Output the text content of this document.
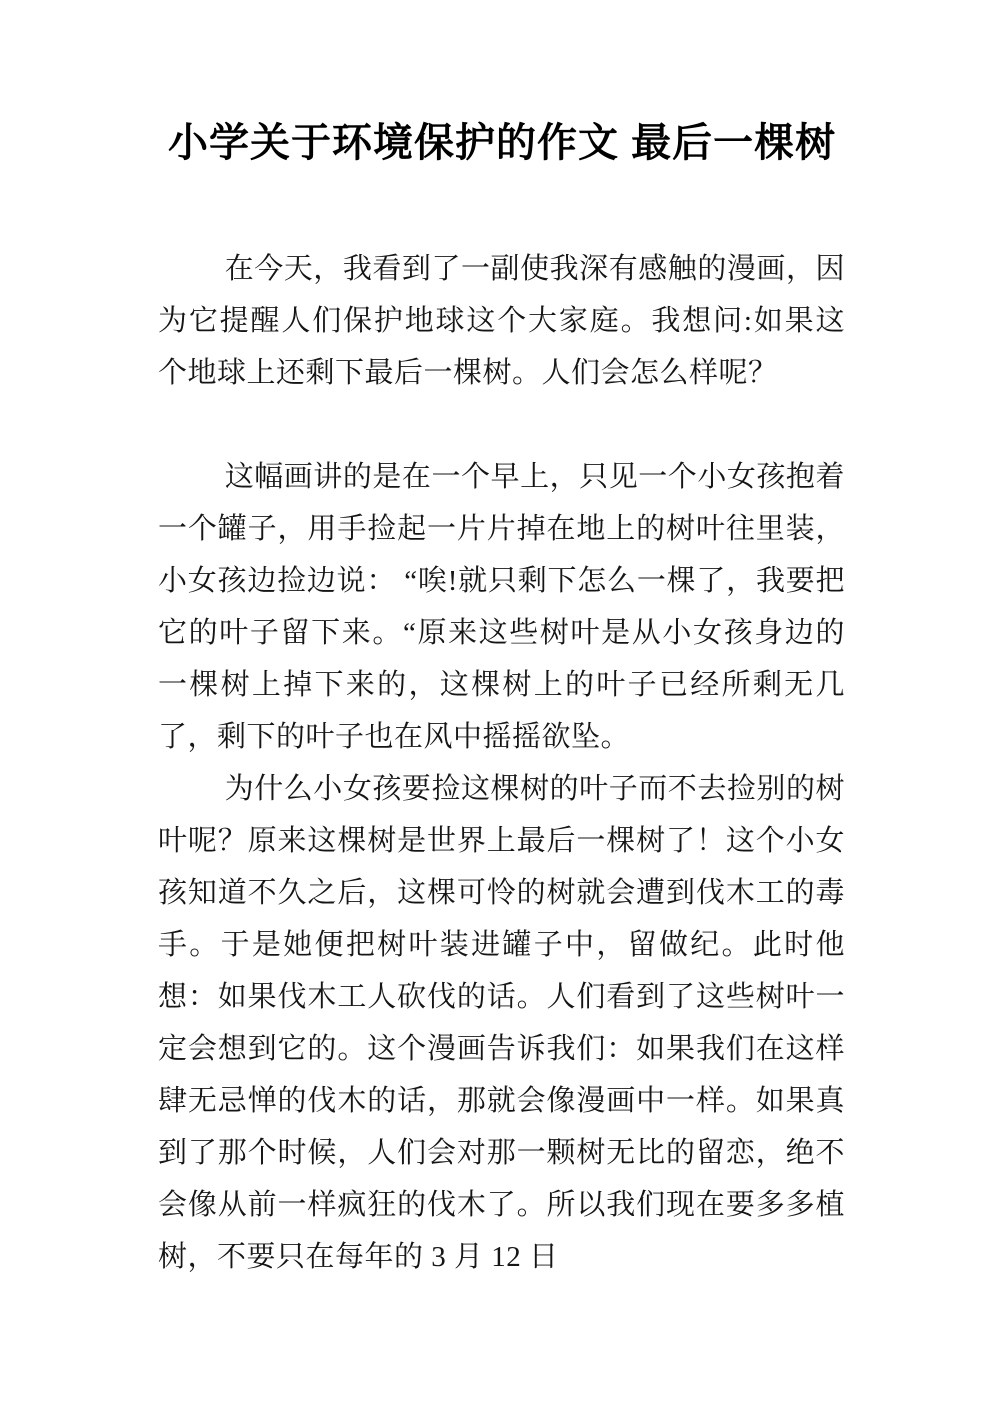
小学关于环境保护的作文 最后一棵树

在今天，我看到了一副使我深有感触的漫画，因为它提醒人们保护地球这个大家庭。我想问:如果这个地球上还剩下最后一棵树。人们会怎么样呢？

这幅画讲的是在一个早上，只见一个小女孩抱着一个罐子，用手捡起一片片掉在地上的树叶往里装，小女孩边捡边说： “唉!就只剩下怎么一棵了，我要把它的叶子留下来。“原来这些树叶是从小女孩身边的一棵树上掉下来的，这棵树上的叶子已经所剩无几了，剩下的叶子也在风中摇摇欲坠。

为什么小女孩要捡这棵树的叶子而不去捡别的树叶呢？原来这棵树是世界上最后一棵树了！这个小女孩知道不久之后，这棵可怜的树就会遭到伐木工的毒手。于是她便把树叶装进罐子中，留做纪。此时他想：如果伐木工人砍伐的话。人们看到了这些树叶一定会想到它的。这个漫画告诉我们：如果我们在这样肆无忌惮的伐木的话，那就会像漫画中一样。如果真到了那个时候，人们会对那一颗树无比的留恋，绝不会像从前一样疯狂的伐木了。所以我们现在要多多植树，不要只在每年的 3 月 12 日
